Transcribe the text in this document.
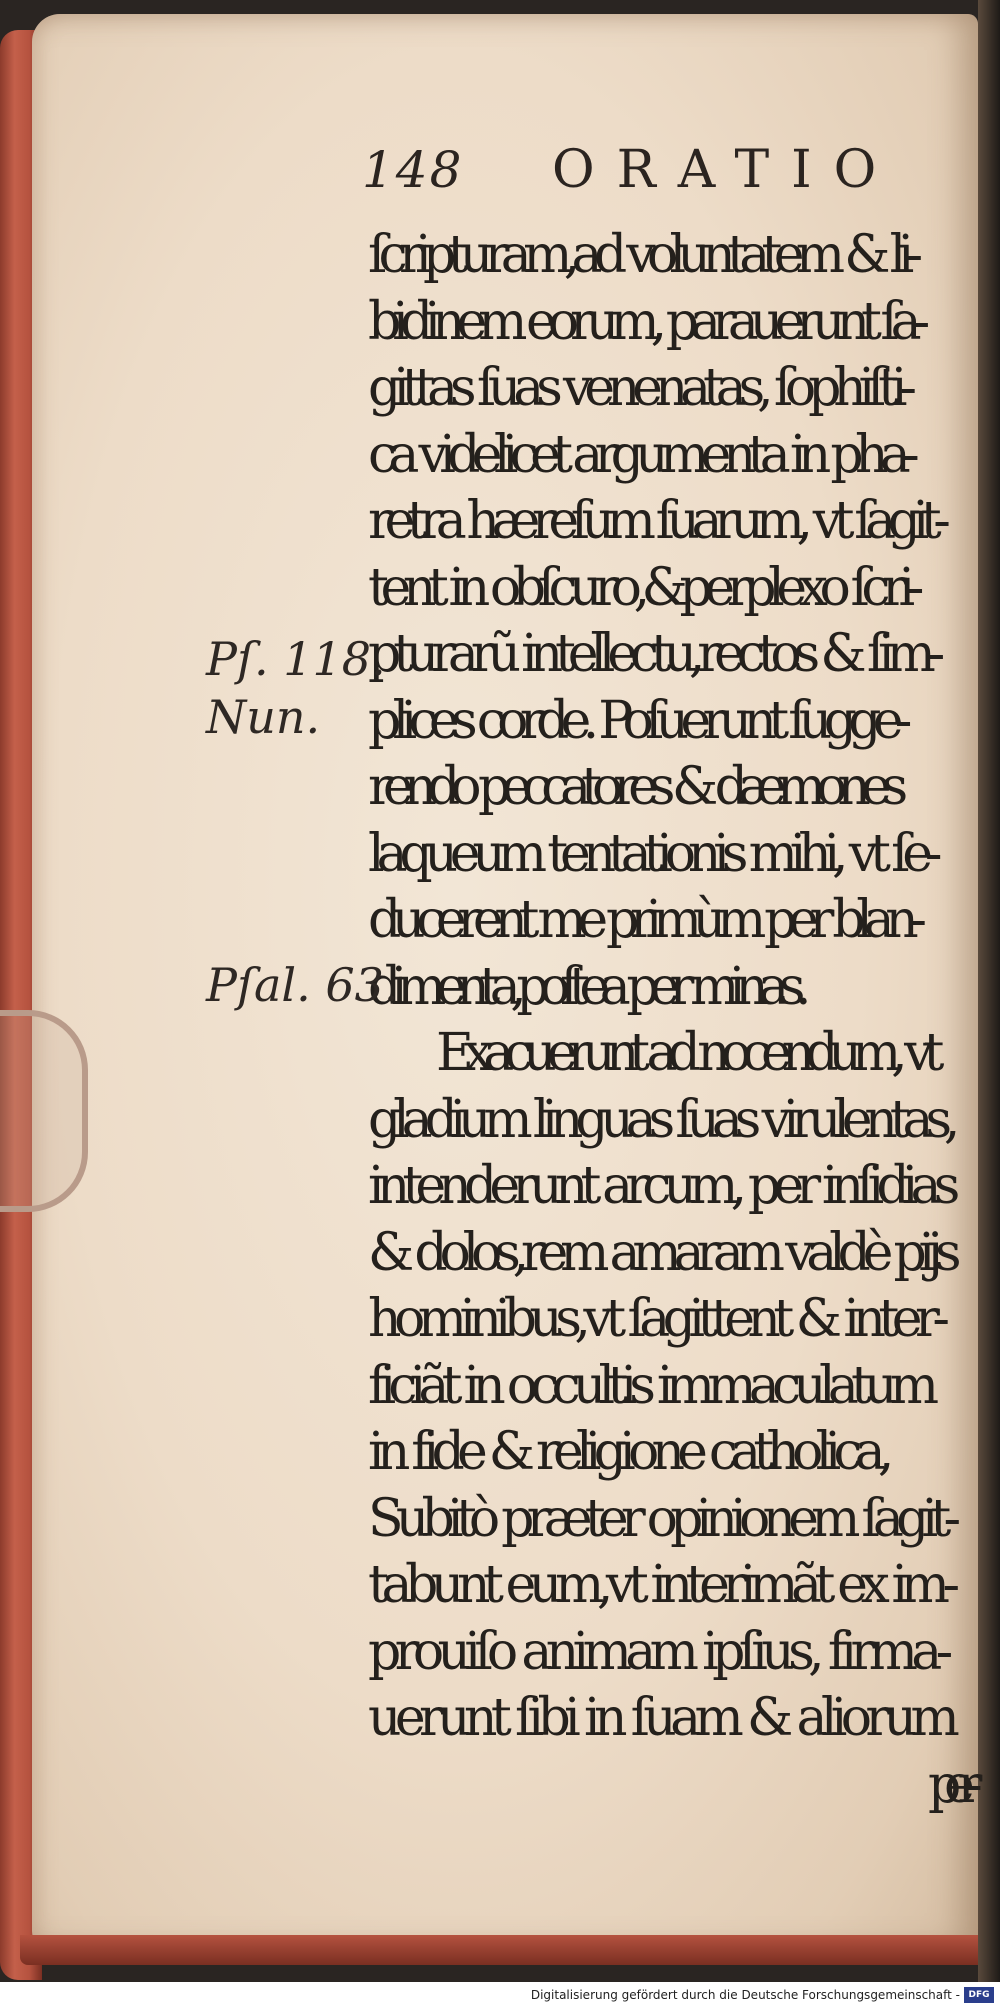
148 ORATIO
ſcripturam,ad voluntatem & li-
bidinem eorum, parauerunt ſa-
gittas ſuas venenatas, ſophiſti-
ca videlicet argumenta in pha-
retra hæreſum ſuarum, vt ſagit-
tent in obſcuro,&perplexo ſcri-
pturarũ intellectu,rectos & ſim-
plices corde. Poſuerunt ſugge-
rendo peccatores & dæmones
laqueum tentationis mihi, vt ſe-
ducerent me primùm per blan-
dimenta,poſtea per minas.
Exacuerunt ad nocendum, vt
gladium linguas ſuas virulentas,
intenderunt arcum, per inſidias
& dolos,rem amaram valdè pijs
hominibus,vt ſagittent & inter-
ficiãt in occultis immaculatum
in fide & religione catholica,
Subitò præter opinionem ſagit-
tabunt eum,vt interimãt ex im-
prouiſo animam ipſius, firma-
uerunt ſibi in ſuam & aliorum
per-
Pſ. 118.
Nun.
Pſal. 63.
Digitalisierung gefördert durch die Deutsche Forschungsgemeinschaft - DFG
